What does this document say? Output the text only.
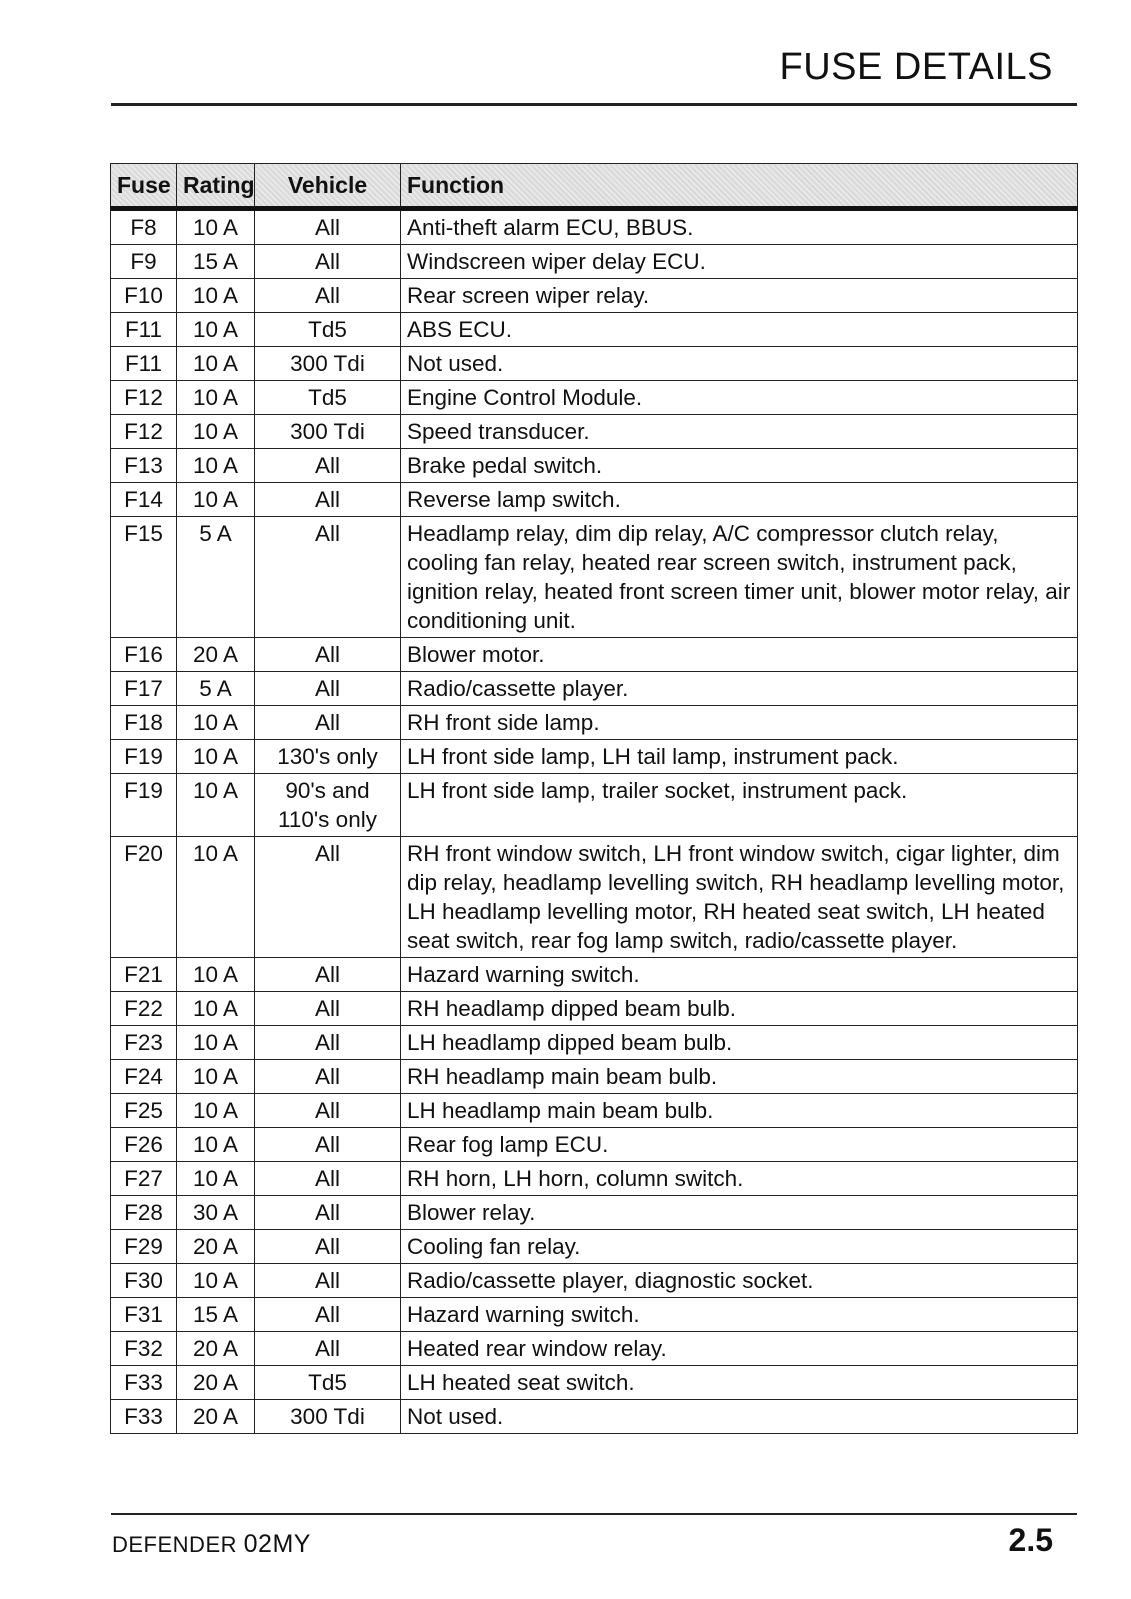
FUSE DETAILS
Fuse	Rating	Vehicle	Function
F8	10 A	All	Anti-theft alarm ECU, BBUS.
F9	15 A	All	Windscreen wiper delay ECU.
F10	10 A	All	Rear screen wiper relay.
F11	10 A	Td5	ABS ECU.
F11	10 A	300 Tdi	Not used.
F12	10 A	Td5	Engine Control Module.
F12	10 A	300 Tdi	Speed transducer.
F13	10 A	All	Brake pedal switch.
F14	10 A	All	Reverse lamp switch.
F15	5 A	All	Headlamp relay, dim dip relay, A/C compressor clutch relay, cooling fan relay, heated rear screen switch, instrument pack, ignition relay, heated front screen timer unit, blower motor relay, air conditioning unit.
F16	20 A	All	Blower motor.
F17	5 A	All	Radio/cassette player.
F18	10 A	All	RH front side lamp.
F19	10 A	130's only	LH front side lamp, LH tail lamp, instrument pack.
F19	10 A	90's and 110's only	LH front side lamp, trailer socket, instrument pack.
F20	10 A	All	RH front window switch, LH front window switch, cigar lighter, dim dip relay, headlamp levelling switch, RH headlamp levelling motor, LH headlamp levelling motor, RH heated seat switch, LH heated seat switch, rear fog lamp switch, radio/cassette player.
F21	10 A	All	Hazard warning switch.
F22	10 A	All	RH headlamp dipped beam bulb.
F23	10 A	All	LH headlamp dipped beam bulb.
F24	10 A	All	RH headlamp main beam bulb.
F25	10 A	All	LH headlamp main beam bulb.
F26	10 A	All	Rear fog lamp ECU.
F27	10 A	All	RH horn, LH horn, column switch.
F28	30 A	All	Blower relay.
F29	20 A	All	Cooling fan relay.
F30	10 A	All	Radio/cassette player, diagnostic socket.
F31	15 A	All	Hazard warning switch.
F32	20 A	All	Heated rear window relay.
F33	20 A	Td5	LH heated seat switch.
F33	20 A	300 Tdi	Not used.
DEFENDER 02MY	2.5
